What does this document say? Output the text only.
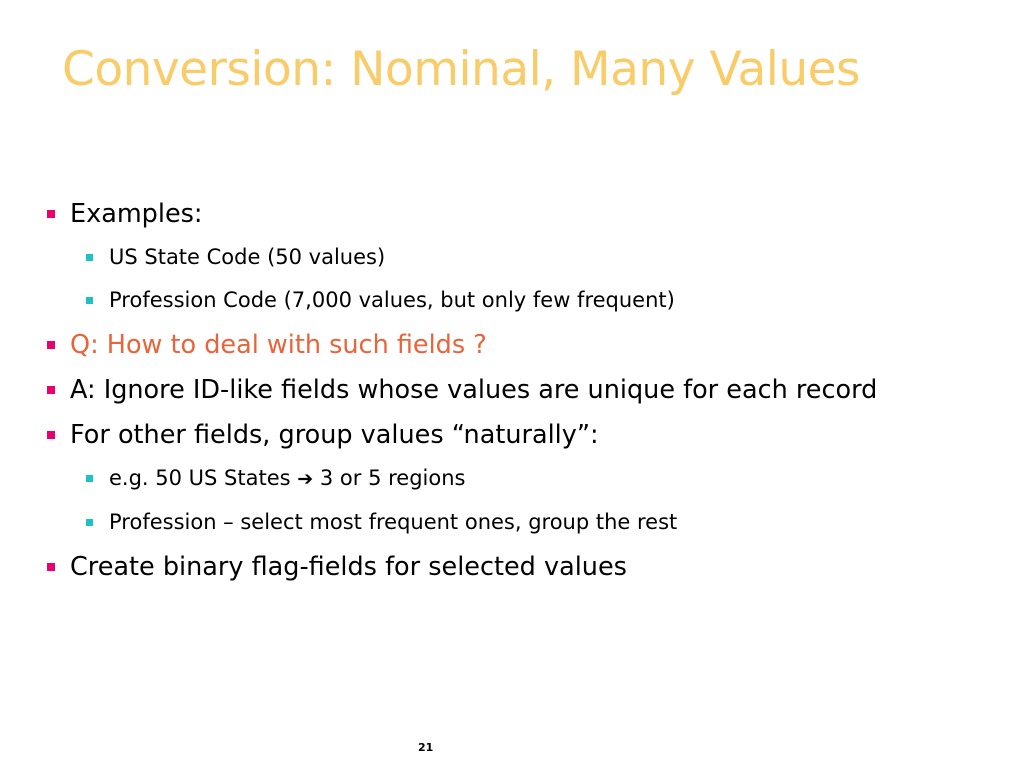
Conversion: Nominal, Many Values
Examples:
US State Code (50 values)
Profession Code (7,000 values, but only few frequent)
Q: How to deal with such fields ?
A: Ignore ID-like fields whose values are unique for each record
For other fields, group values “naturally”:
e.g. 50 US States ➔ 3 or 5 regions
Profession – select most frequent ones, group the rest
Create binary flag-fields for selected values
21
